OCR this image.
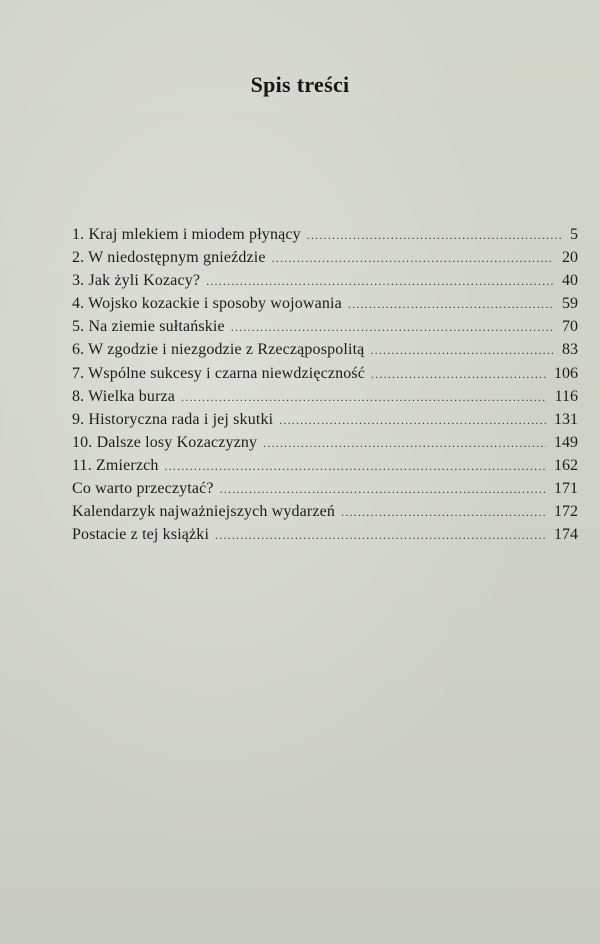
Spis treści
1. Kraj mlekiem i miodem płynący .....	5
2. W niedostępnym gnieździe .....	20
3. Jak żyli Kozacy? .....	40
4. Wojsko kozackie i sposoby wojowania .....	59
5. Na ziemie sułtańskie .....	70
6. W zgodzie i niezgodzie z Rzecząpospolitą .....	83
7. Wspólne sukcesy i czarna niewdzięczność .....	106
8. Wielka burza .....	116
9. Historyczna rada i jej skutki .....	131
10. Dalsze losy Kozaczyzny .....	149
11. Zmierzch .....	162
Co warto przeczytać? .....	171
Kalendarzyk najważniejszych wydarzeń .....	172
Postacie z tej książki .....	174
